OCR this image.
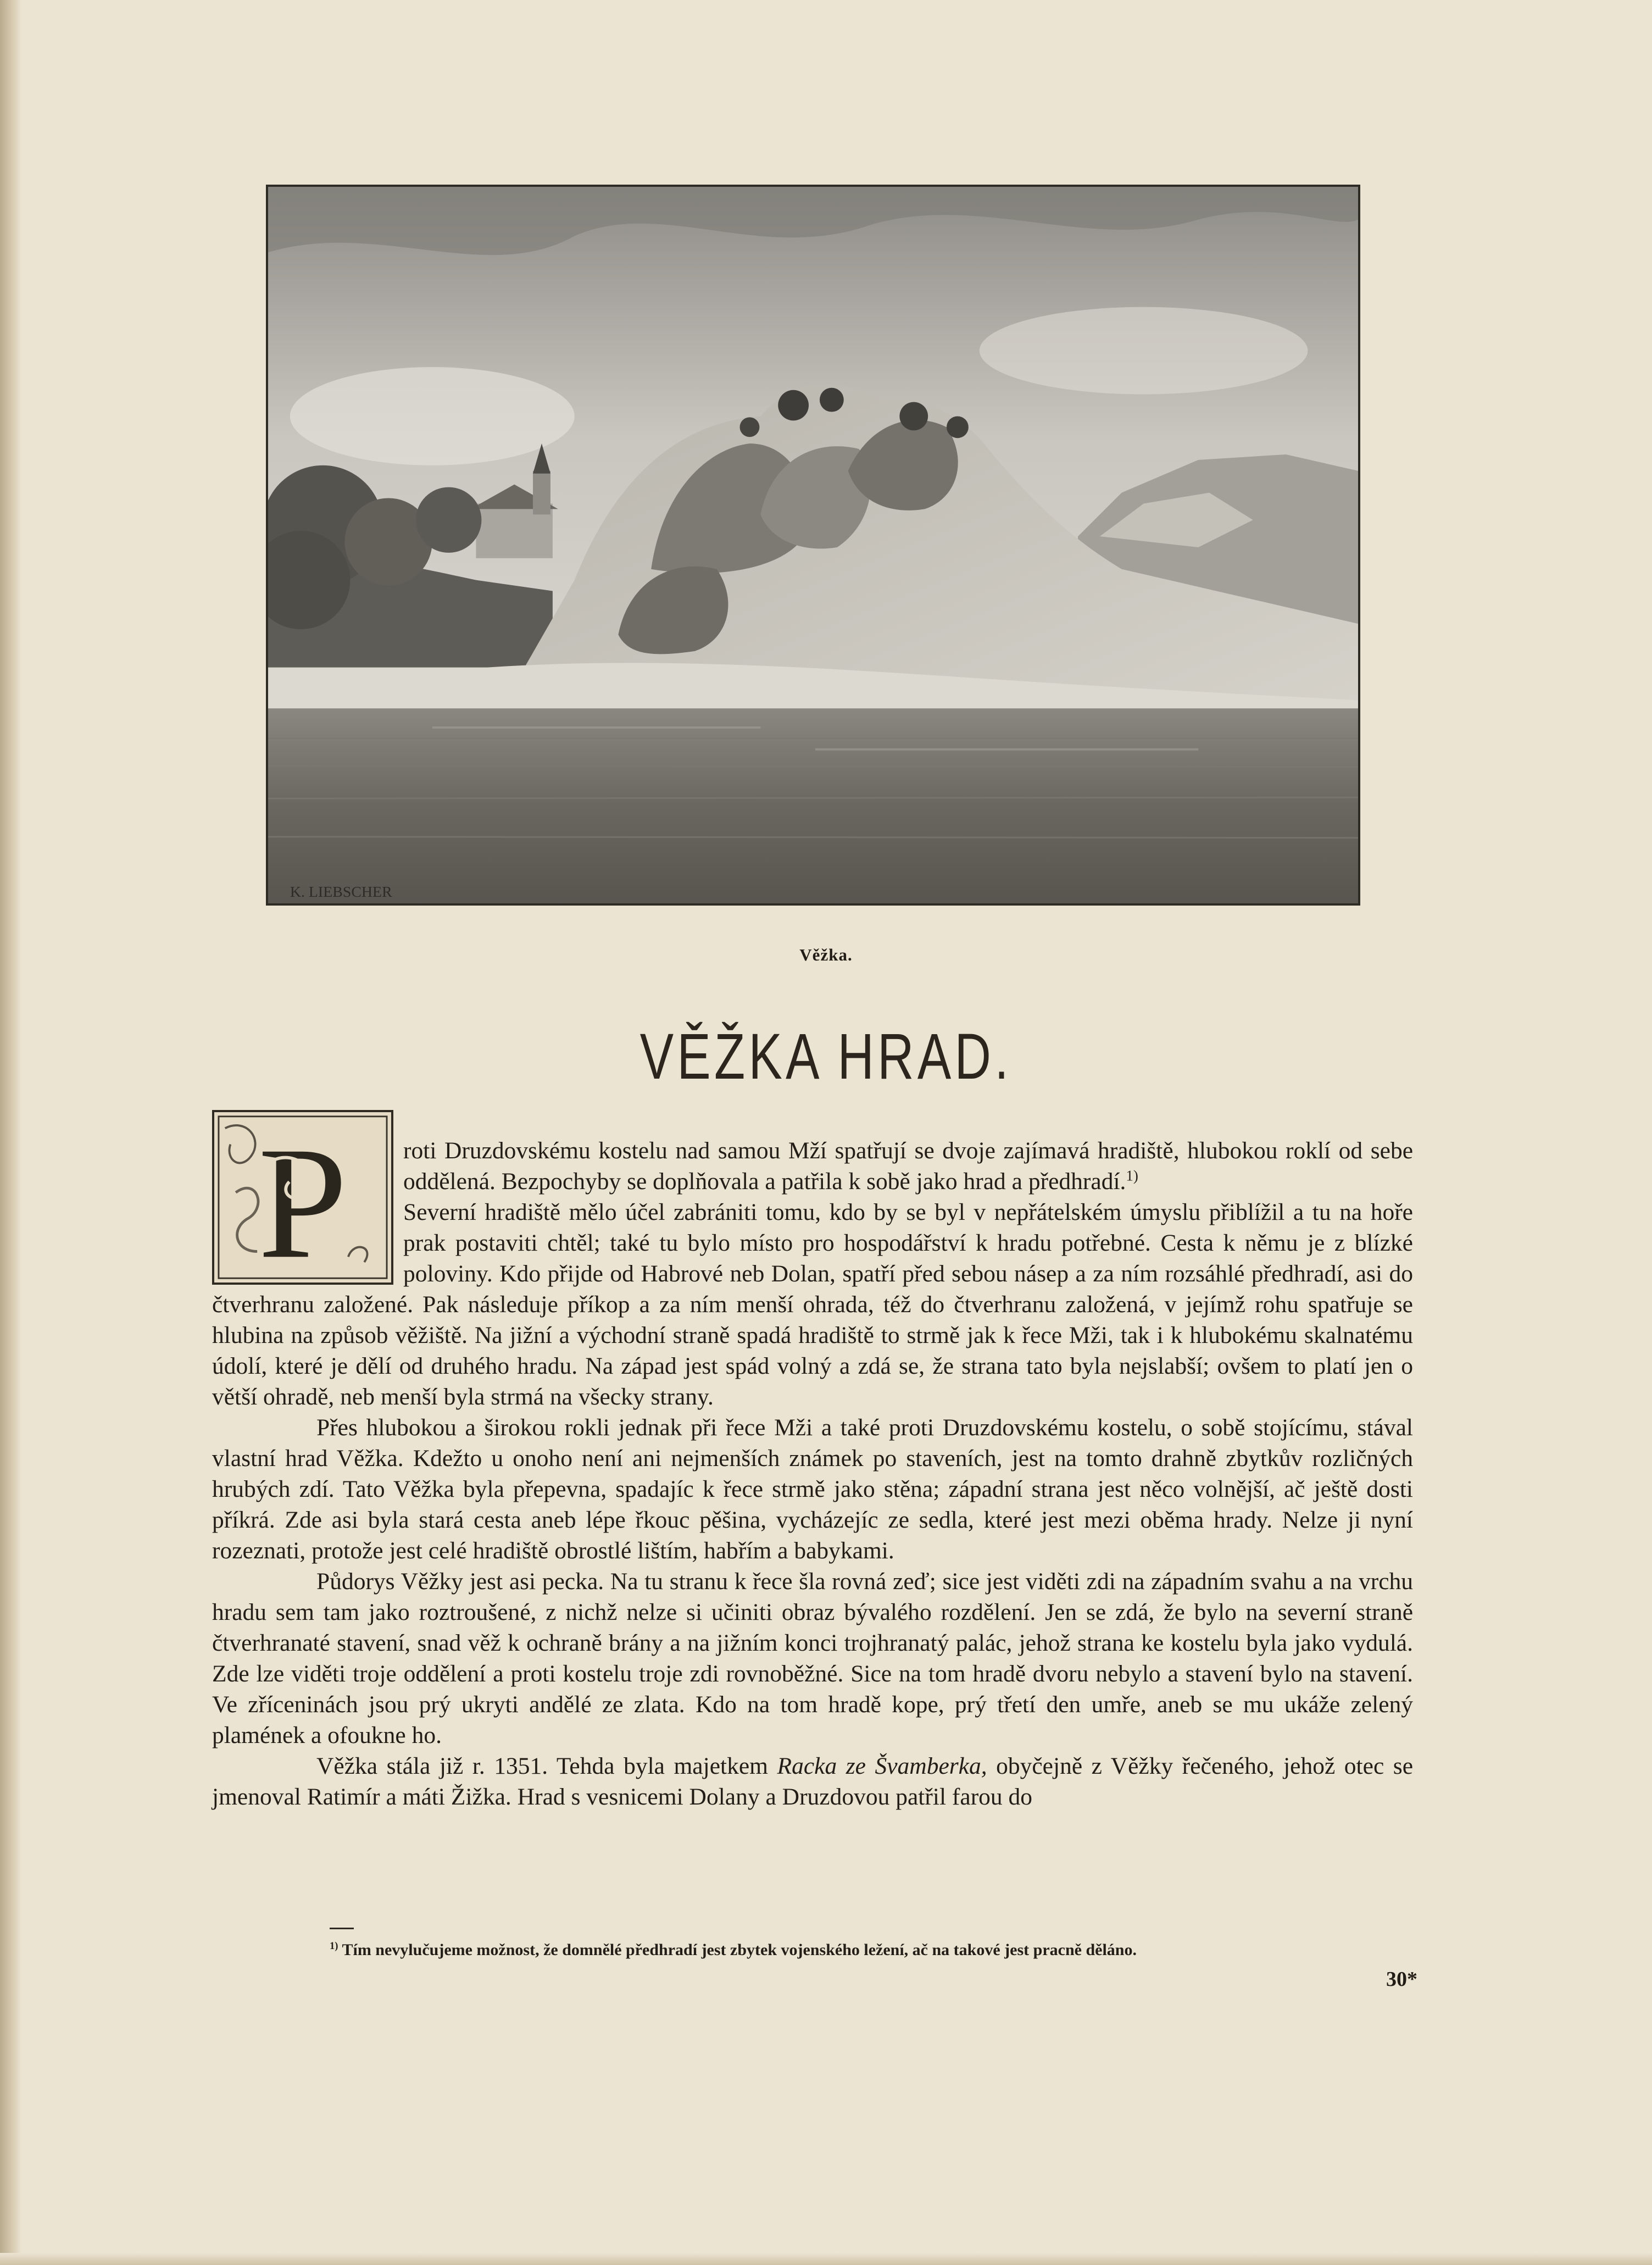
K. LIEBSCHER
Věžka.
VĚŽKA HRAD.
P	roti Druzdovskému kostelu nad samou Mží spatřují se dvoje zajímavá hradiště, hlubokou roklí od sebe oddělená. Bezpochyby se doplňovala a patřila k sobě jako hrad a předhradí.$^{1)}$

Severní hradiště mělo účel zabrániti tomu, kdo by se byl v nepřátelském úmyslu přiblížil a tu na hoře prak postaviti chtěl; také tu bylo místo pro hospodářství k hradu potřebné. Cesta k němu je z blízké poloviny. Kdo přijde od Habrové neb Dolan, spatří před sebou násep a za ním rozsáhlé předhradí, asi do čtverhranu založené. Pak následuje příkop a za ním menší ohrada, též do čtverhranu založená, v jejímž rohu spatřuje se hlubina na způsob věžiště. Na jižní a východní straně spadá hradiště to strmě jak k řece Mži, tak i k hlubokému skalnatému údolí, které je dělí od druhého hradu. Na západ jest spád volný a zdá se, že strana tato byla nejslabší; ovšem to platí jen o větší ohradě, neb menší byla strmá na všecky strany.

Přes hlubokou a širokou rokli jednak při řece Mži a také proti Druzdovskému kostelu, o sobě stojícímu, stával vlastní hrad Věžka. Kdežto u onoho není ani nejmenších známek po staveních, jest na tomto drahně zbytkův rozličných hrubých zdí. Tato Věžka byla přepevna, spadajíc k řece strmě jako stěna; západní strana jest něco volnější, ač ještě dosti příkrá. Zde asi byla stará cesta aneb lépe řkouc pěšina, vycházejíc ze sedla, které jest mezi oběma hrady. Nelze ji nyní rozeznati, protože jest celé hradiště obrostlé lištím, habřím a babykami.

Půdorys Věžky jest asi pecka. Na tu stranu k řece šla rovná zeď; sice jest viděti zdi na západním svahu a na vrchu hradu sem tam jako roztroušené, z nichž nelze si učiniti obraz bývalého rozdělení. Jen se zdá, že bylo na severní straně čtverhranaté stavení, snad věž k ochraně brány a na jižním konci trojhranatý palác, jehož strana ke kostelu byla jako vydulá. Zde lze viděti troje oddělení a proti kostelu troje zdi rovnoběžné. Sice na tom hradě dvoru nebylo a stavení bylo na stavení. Ve zříceninách jsou prý ukryti andělé ze zlata. Kdo na tom hradě kope, prý třetí den umře, aneb se mu ukáže zelený plamének a ofoukne ho.

Věžka stála již r. 1351. Tehda byla majetkem Racka ze Švamberka, obyčejně z Věžky řečeného, jehož otec se jmenoval Ratimír a máti Žižka. Hrad s vesnicemi Dolany a Druzdovou patřil farou do

$^{1)}$ Tím nevylučujeme možnost, že domnělé předhradí jest zbytek vojenského ležení, ač na takové jest pracně děláno.
30*
